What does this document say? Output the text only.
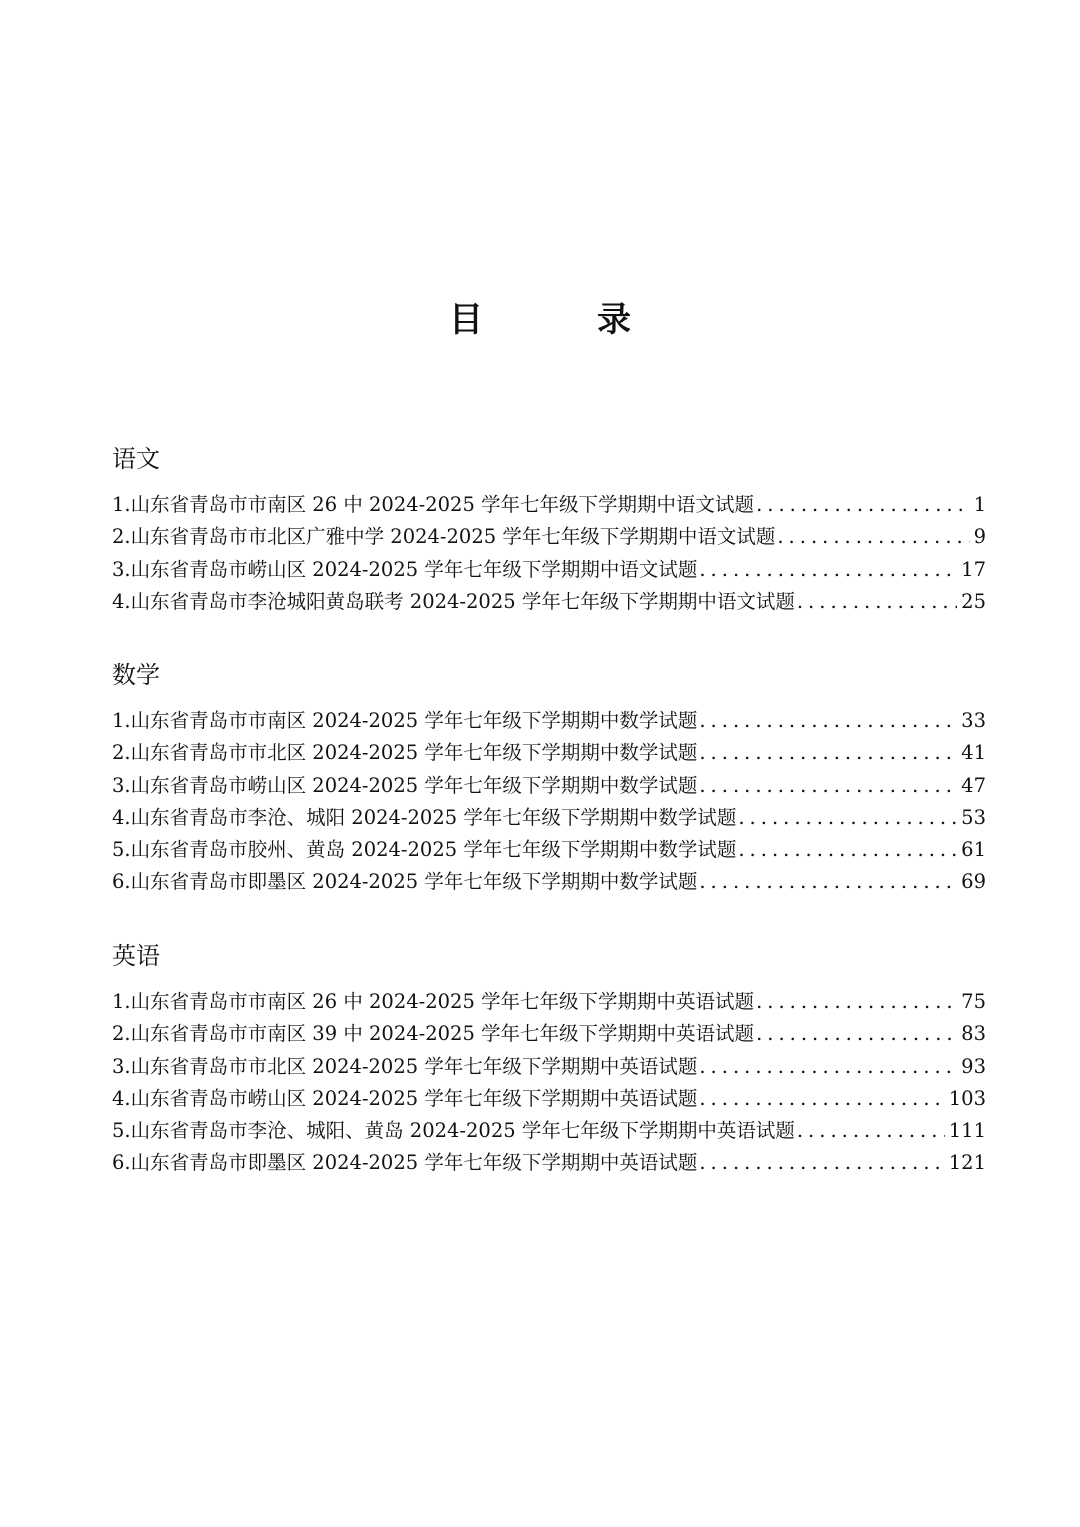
目　录
语文
1.山东省青岛市市南区 26 中 2024-2025 学年七年级下学期期中语文试题 .....	1
2.山东省青岛市市北区广雅中学 2024-2025 学年七年级下学期期中语文试题 .....	9
3.山东省青岛市崂山区 2024-2025 学年七年级下学期期中语文试题 .....	17
4.山东省青岛市李沧城阳黄岛联考 2024-2025 学年七年级下学期期中语文试题 .....	25
数学
1.山东省青岛市市南区 2024-2025 学年七年级下学期期中数学试题 .....	33
2.山东省青岛市市北区 2024-2025 学年七年级下学期期中数学试题 .....	41
3.山东省青岛市崂山区 2024-2025 学年七年级下学期期中数学试题 .....	47
4.山东省青岛市李沧、城阳 2024-2025 学年七年级下学期期中数学试题 .....	53
5.山东省青岛市胶州、黄岛 2024-2025 学年七年级下学期期中数学试题 .....	61
6.山东省青岛市即墨区 2024-2025 学年七年级下学期期中数学试题 .....	69
英语
1.山东省青岛市市南区 26 中 2024-2025 学年七年级下学期期中英语试题 .....	75
2.山东省青岛市市南区 39 中 2024-2025 学年七年级下学期期中英语试题 .....	83
3.山东省青岛市市北区 2024-2025 学年七年级下学期期中英语试题 .....	93
4.山东省青岛市崂山区 2024-2025 学年七年级下学期期中英语试题 .....	103
5.山东省青岛市李沧、城阳、黄岛 2024-2025 学年七年级下学期期中英语试题 .....	111
6.山东省青岛市即墨区 2024-2025 学年七年级下学期期中英语试题 .....	121
